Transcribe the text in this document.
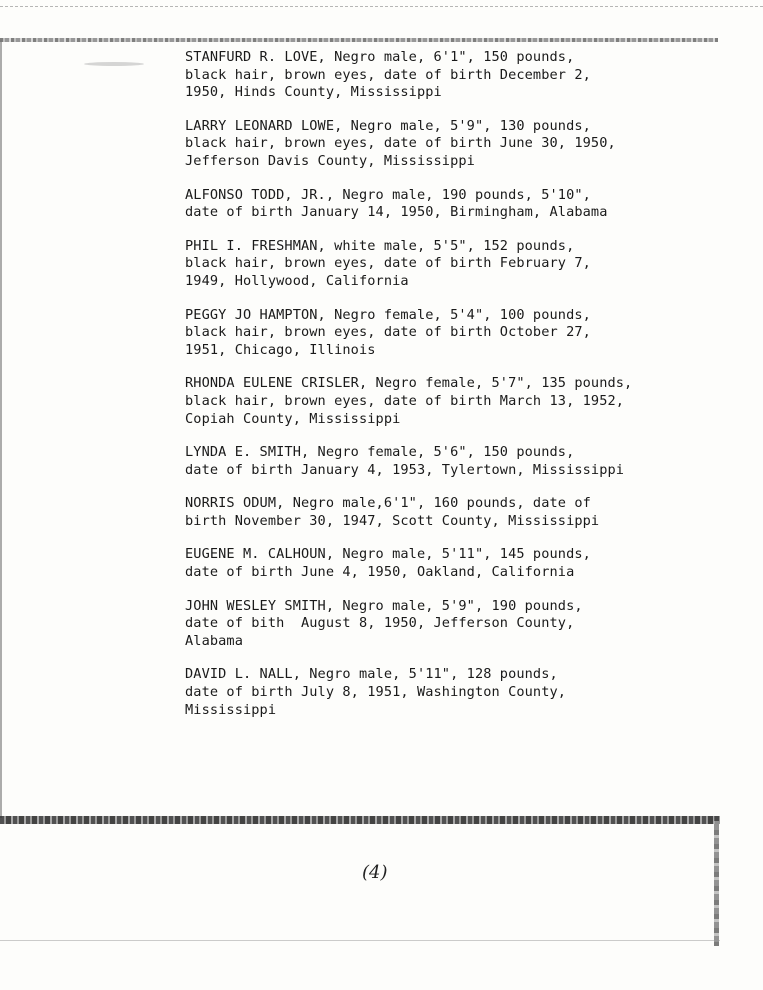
STANFURD R. LOVE, Negro male, 6'1", 150 pounds,
black hair, brown eyes, date of birth December 2,
1950, Hinds County, Mississippi
LARRY LEONARD LOWE, Negro male, 5'9", 130 pounds,
black hair, brown eyes, date of birth June 30, 1950,
Jefferson Davis County, Mississippi
ALFONSO TODD, JR., Negro male, 190 pounds, 5'10",
date of birth January 14, 1950, Birmingham, Alabama
PHIL I. FRESHMAN, white male, 5'5", 152 pounds,
black hair, brown eyes, date of birth February 7,
1949, Hollywood, California
PEGGY JO HAMPTON, Negro female, 5'4", 100 pounds,
black hair, brown eyes, date of birth October 27,
1951, Chicago, Illinois
RHONDA EULENE CRISLER, Negro female, 5'7", 135 pounds,
black hair, brown eyes, date of birth March 13, 1952,
Copiah County, Mississippi
LYNDA E. SMITH, Negro female, 5'6", 150 pounds,
date of birth January 4, 1953, Tylertown, Mississippi
NORRIS ODUM, Negro male,6'1", 160 pounds, date of
birth November 30, 1947, Scott County, Mississippi
EUGENE M. CALHOUN, Negro male, 5'11", 145 pounds,
date of birth June 4, 1950, Oakland, California
JOHN WESLEY SMITH, Negro male, 5'9", 190 pounds,
date of bith  August 8, 1950, Jefferson County,
Alabama
DAVID L. NALL, Negro male, 5'11", 128 pounds,
date of birth July 8, 1951, Washington County,
Mississippi
(4)
